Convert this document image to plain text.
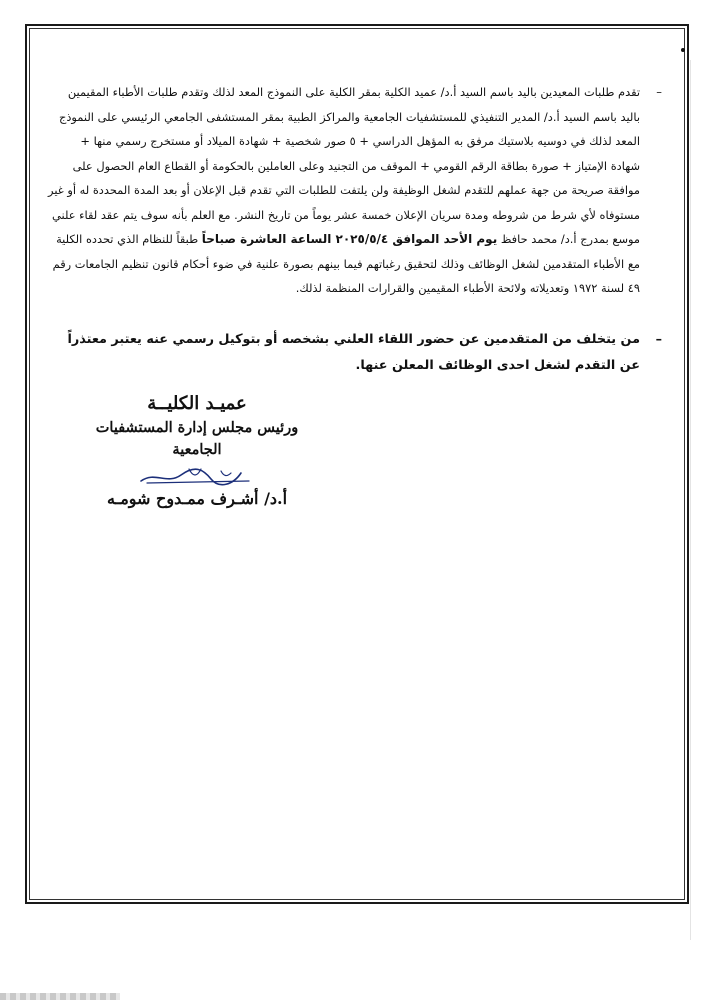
–
تقدم طلبات المعيدين باليد باسم السيد أ.د/ عميد الكلية بمقر الكلية على النموذج المعد لذلك وتقدم طلبات الأطباء المقيمين باليد باسم السيد أ.د/ المدير التنفيذي للمستشفيات الجامعية والمراكز الطبية بمقر المستشفى الجامعي الرئيسي على النموذج المعد لذلك في دوسيه بلاستيك مرفق به المؤهل الدراسي + ٥ صور شخصية + شهادة الميلاد أو مستخرج رسمي منها + شهادة الإمتياز + صورة بطاقة الرقم القومي + الموقف من التجنيد وعلى العاملين بالحكومة أو القطاع العام الحصول على موافقة صريحة من جهة عملهم للتقدم لشغل الوظيفة ولن يلتفت للطلبات التي تقدم قبل الإعلان أو بعد المدة المحددة له أو غير مستوفاه لأي شرط من شروطه ومدة سريان الإعلان خمسة عشر يوماً من تاريخ النشر. مع العلم بأنه سوف يتم عقد لقاء علني موسع بمدرج أ.د/ محمد حافظ يوم الأحد الموافق ٢٠٢٥/٥/٤ الساعة العاشرة صباحاً طبقاً للنظام الذي تحدده الكلية مع الأطباء المتقدمين لشغل الوظائف وذلك لتحقيق رغباتهم فيما بينهم بصورة علنية في ضوء أحكام قانون تنظيم الجامعات رقم ٤٩ لسنة ١٩٧٢ وتعديلاته ولائحة الأطباء المقيمين والقرارات المنظمة لذلك.

–
من يتخلف من المتقدمين عن حضور اللقاء العلني بشخصه أو بتوكيل رسمي عنه يعتبر معتذراً عن التقدم لشغل احدى الوظائف المعلن عنها.

عميـد الكليــة
ورئيس مجلس إدارة المستشفيات الجامعية
أ.د/ أشـرف ممـدوح شومـه
